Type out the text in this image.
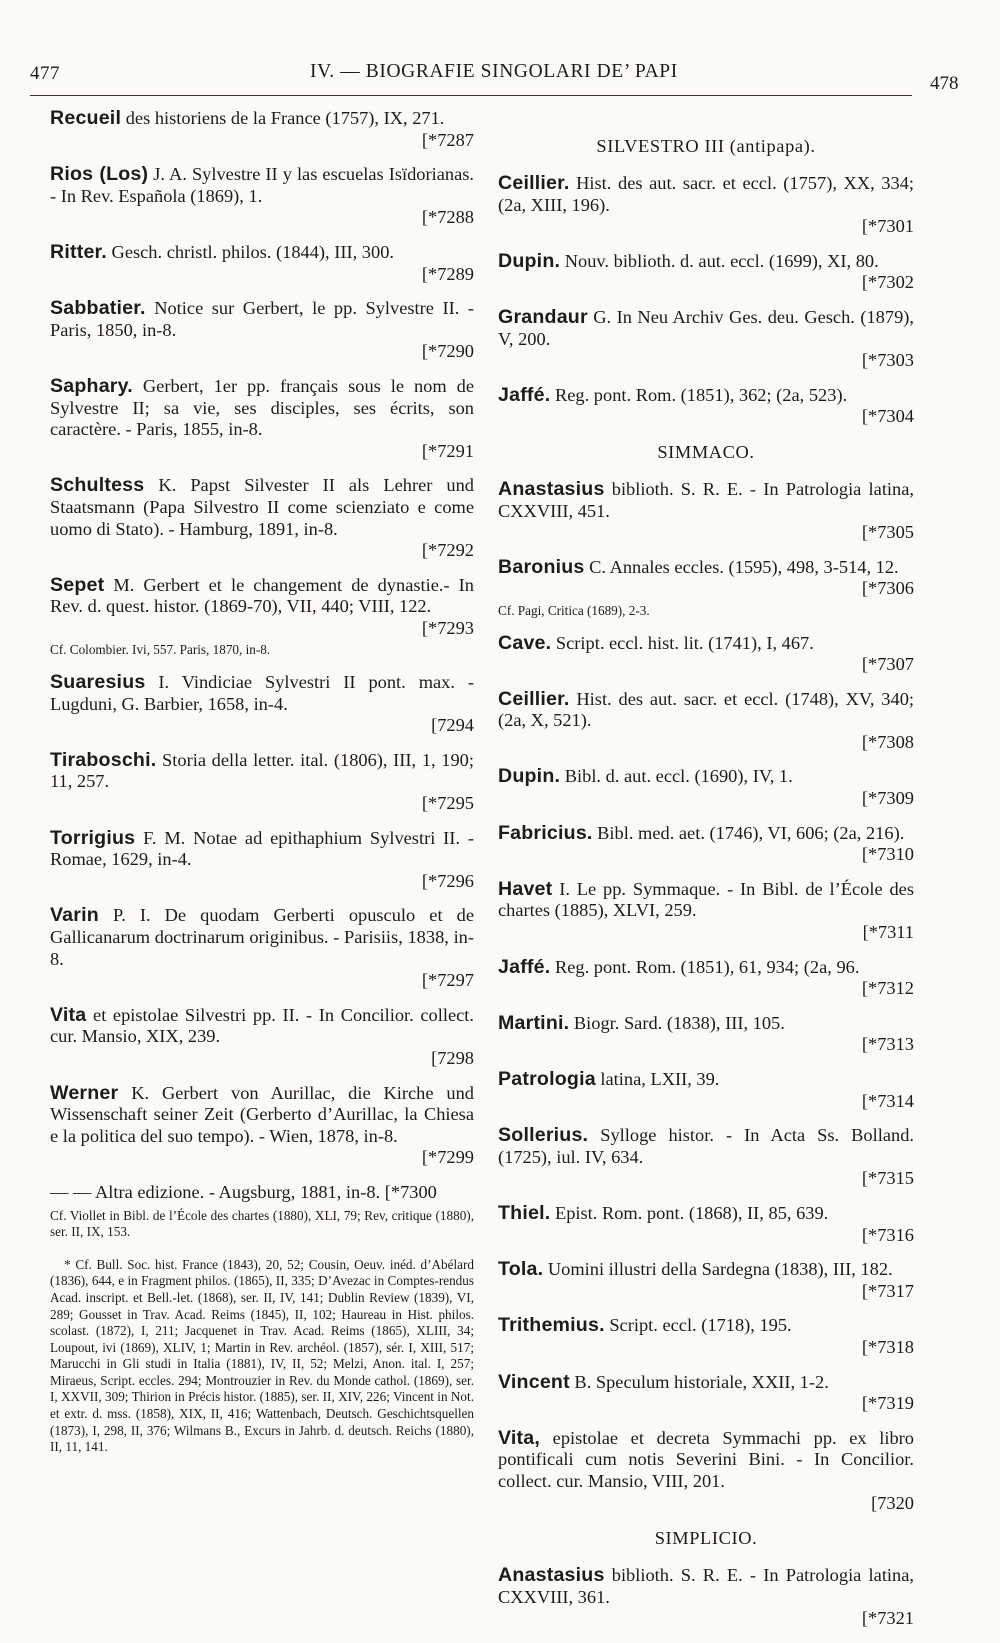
477	IV. — BIOGRAFIE SINGOLARI DE’ PAPI
478
Recueil des historiens de la France (1757), IX, 271.
[*7287
Rios (Los) J. A. Sylvestre II y las escuelas Isïdorianas. - In Rev. Española (1869), 1.
[*7288
Ritter. Gesch. christl. philos. (1844), III, 300.
[*7289
Sabbatier. Notice sur Gerbert, le pp. Sylvestre II. - Paris, 1850, in-8.
[*7290
Saphary. Gerbert, 1er pp. français sous le nom de Sylvestre II; sa vie, ses disciples, ses écrits, son caractère. - Paris, 1855, in-8.
[*7291
Schultess K. Papst Silvester II als Lehrer und Staatsmann (Papa Silvestro II come scienziato e come uomo di Stato). - Hamburg, 1891, in-8.
[*7292
Sepet M. Gerbert et le changement de dynastie.- In Rev. d. quest. histor. (1869-70), VII, 440; VIII, 122.
[*7293
Cf. Colombier. Ivi, 557. Paris, 1870, in-8.
Suaresius I. Vindiciae Sylvestri II pont. max. - Lugduni, G. Barbier, 1658, in-4.
[7294
Tiraboschi. Storia della letter. ital. (1806), III, 1, 190; 11, 257.
[*7295
Torrigius F. M. Notae ad epithaphium Sylvestri II. - Romae, 1629, in-4.
[*7296
Varin P. I. De quodam Gerberti opusculo et de Gallicanarum doctrinarum originibus. - Parisiis, 1838, in-8.
[*7297
Vita et epistolae Silvestri pp. II. - In Concilior. collect. cur. Mansio, XIX, 239.
[7298
Werner K. Gerbert von Aurillac, die Kirche und Wissenschaft seiner Zeit (Gerberto d’Aurillac, la Chiesa e la politica del suo tempo). - Wien, 1878, in-8.
[*7299
— — Altra edizione. - Augsburg, 1881, in-8. [*7300
Cf. Viollet in Bibl. de l’École des chartes (1880), XLI, 79; Rev, critique (1880), ser. II, IX, 153.
* Cf. Bull. Soc. hist. France (1843), 20, 52; Cousin, Oeuv. inéd. d’Abélard (1836), 644, e in Fragment philos. (1865), II, 335; D’Avezac in Comptes-rendus Acad. inscript. et Bell.-let. (1868), ser. II, IV, 141; Dublin Review (1839), VI, 289; Gousset in Trav. Acad. Reims (1845), II, 102; Haureau in Hist. philos. scolast. (1872), I, 211; Jacquenet in Trav. Acad. Reims (1865), XLIII, 34; Loupout, ivi (1869), XLIV, 1; Martin in Rev. archéol. (1857), sér. I, XIII, 517; Marucchi in Gli studi in Italia (1881), IV, II, 52; Melzi, Anon. ital. I, 257; Miraeus, Script. eccles. 294; Montrouzier in Rev. du Monde cathol. (1869), ser. I, XXVII, 309; Thirion in Précis histor. (1885), ser. II, XIV, 226; Vincent in Not. et extr. d. mss. (1858), XIX, II, 416; Wattenbach, Deutsch. Geschichtsquellen (1873), I, 298, II, 376; Wilmans B., Excurs in Jahrb. d. deutsch. Reichs (1880), II, 11, 141.
SILVESTRO III (antipapa).
Ceillier. Hist. des aut. sacr. et eccl. (1757), XX, 334; (2a, XIII, 196).
[*7301
Dupin. Nouv. biblioth. d. aut. eccl. (1699), XI, 80.
[*7302
Grandaur G. In Neu Archiv Ges. deu. Gesch. (1879), V, 200.
[*7303
Jaffé. Reg. pont. Rom. (1851), 362; (2a, 523).
[*7304
SIMMACO.
Anastasius biblioth. S. R. E. - In Patrologia latina, CXXVIII, 451.
[*7305
Baronius C. Annales eccles. (1595), 498, 3-514, 12.
[*7306
Cf. Pagi, Critica (1689), 2-3.
Cave. Script. eccl. hist. lit. (1741), I, 467.
[*7307
Ceillier. Hist. des aut. sacr. et eccl. (1748), XV, 340; (2a, X, 521).
[*7308
Dupin. Bibl. d. aut. eccl. (1690), IV, 1.
[*7309
Fabricius. Bibl. med. aet. (1746), VI, 606; (2a, 216).
[*7310
Havet I. Le pp. Symmaque. - In Bibl. de l’École des chartes (1885), XLVI, 259.
[*7311
Jaffé. Reg. pont. Rom. (1851), 61, 934; (2a, 96.
[*7312
Martini. Biogr. Sard. (1838), III, 105.
[*7313
Patrologia latina, LXII, 39.
[*7314
Sollerius. Sylloge histor. - In Acta Ss. Bolland. (1725), iul. IV, 634.
[*7315
Thiel. Epist. Rom. pont. (1868), II, 85, 639.
[*7316
Tola. Uomini illustri della Sardegna (1838), III, 182.
[*7317
Trithemius. Script. eccl. (1718), 195.
[*7318
Vincent B. Speculum historiale, XXII, 1-2.
[*7319
Vita, epistolae et decreta Symmachi pp. ex libro pontificali cum notis Severini Bini. - In Concilior. collect. cur. Mansio, VIII, 201.
[7320
SIMPLICIO.
Anastasius biblioth. S. R. E. - In Patrologia latina, CXXVIII, 361.
[*7321
